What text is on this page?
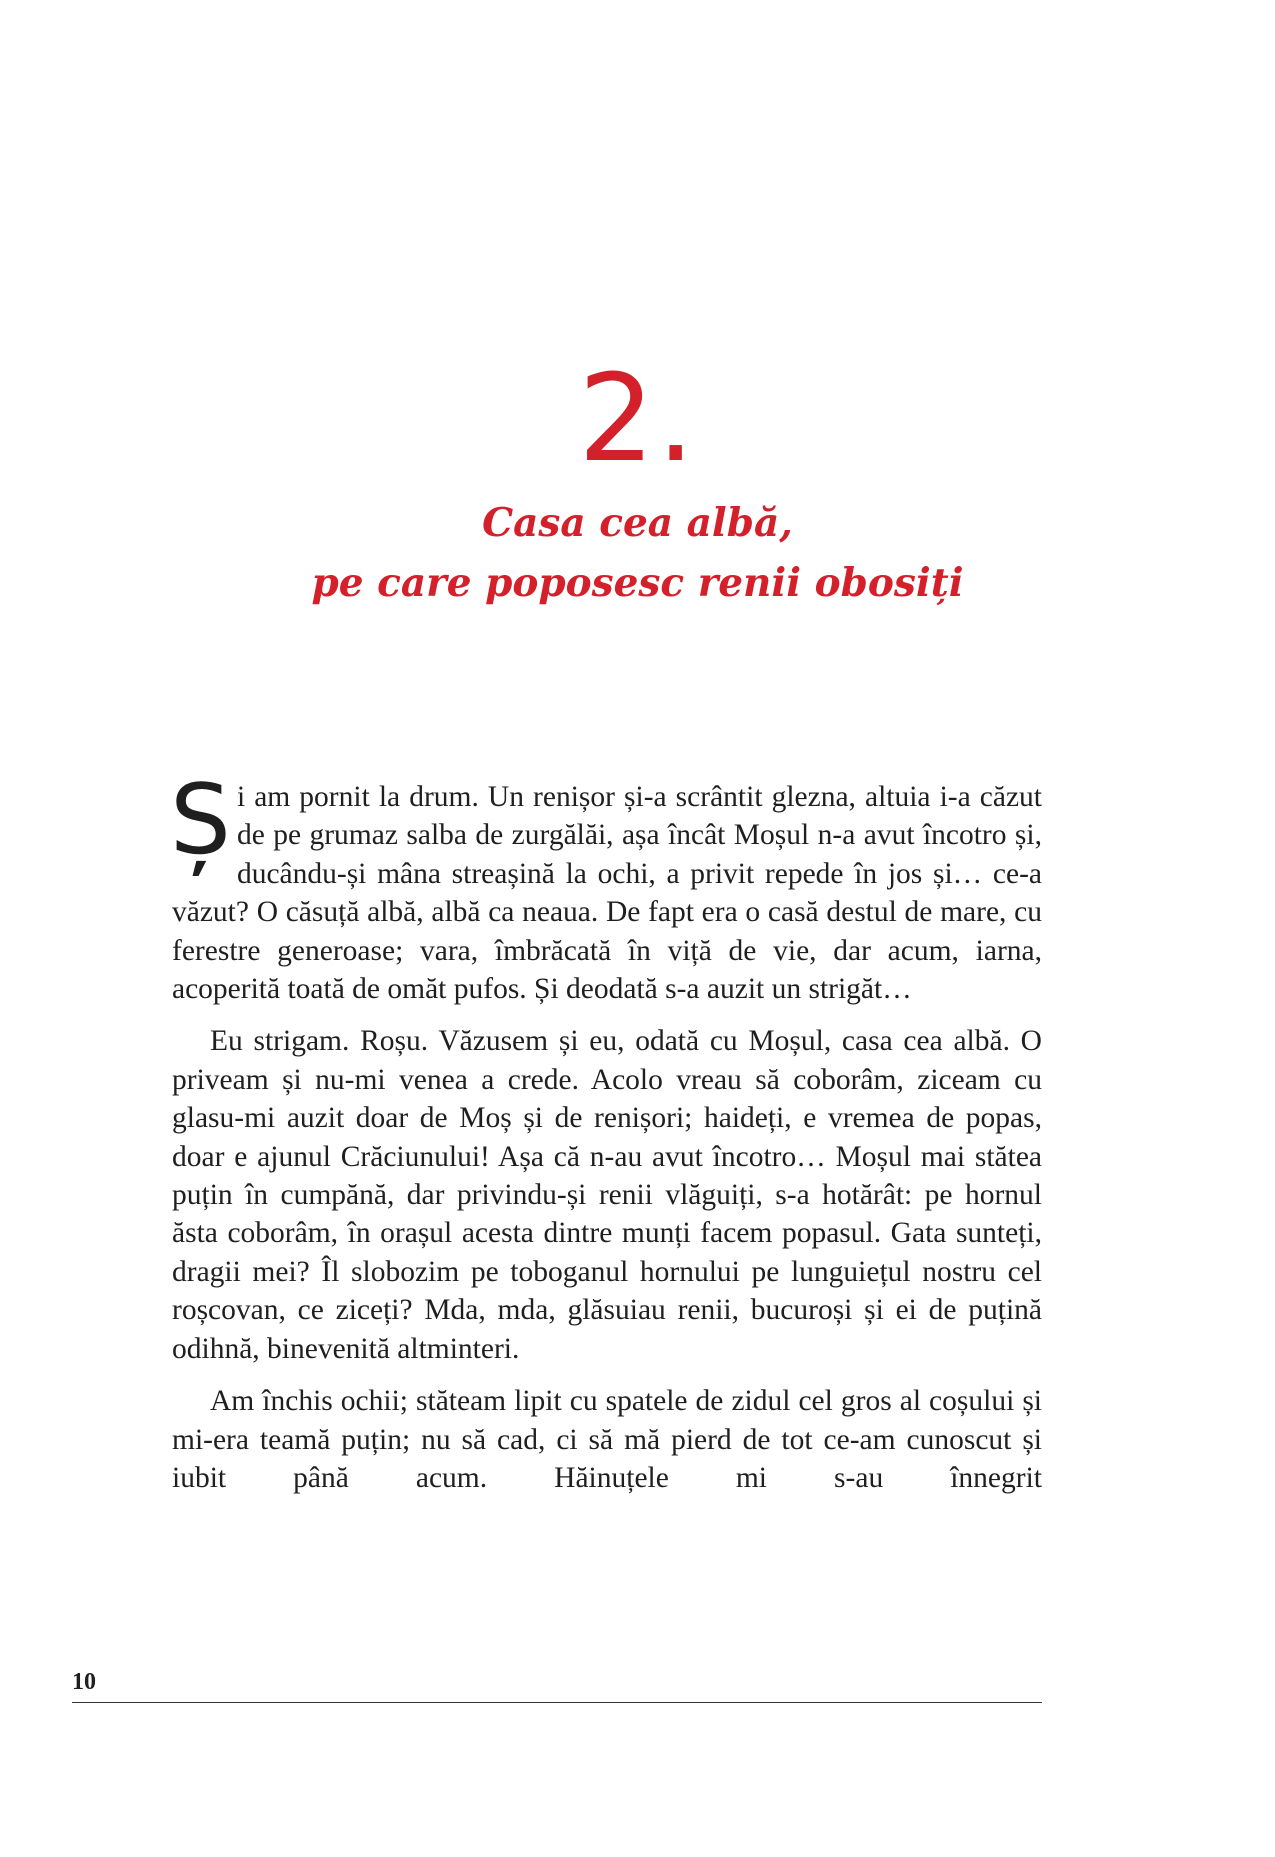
2.
Casa cea albă,
pe care poposesc renii obosiți

Și am pornit la drum. Un renișor și-a scrântit glezna, altuia i-a căzut de pe grumaz salba de zurgălăi, așa încât Moșul n-a avut încotro și, ducându-și mâna streașină la ochi, a privit repede în jos și… ce-a văzut? O căsuță albă, albă ca neaua. De fapt era o casă destul de mare, cu ferestre generoase; vara, îmbrăcată în viță de vie, dar acum, iarna, acoperită toată de omăt pufos. Și deodată s-a auzit un strigăt…

Eu strigam. Roșu. Văzusem și eu, odată cu Moșul, casa cea albă. O priveam și nu-mi venea a crede. Acolo vreau să coborâm, ziceam cu glasu-mi auzit doar de Moș și de renișori; haideți, e vremea de popas, doar e ajunul Crăciunului! Așa că n-au avut încotro… Moșul mai stătea puțin în cumpănă, dar privindu-și renii vlăguiți, s-a hotărât: pe hornul ăsta coborâm, în orașul acesta dintre munți facem popasul. Gata sunteți, dragii mei? Îl slobozim pe toboganul hornului pe lunguiețul nostru cel roșcovan, ce ziceți? Mda, mda, glăsuiau renii, bucuroși și ei de puțină odihnă, binevenită altminteri.

Am închis ochii; stăteam lipit cu spatele de zidul cel gros al coșului și mi-era teamă puțin; nu să cad, ci să mă pierd de tot ce-am cunoscut și iubit până acum. Hăinuțele mi s-au înnegrit

10
